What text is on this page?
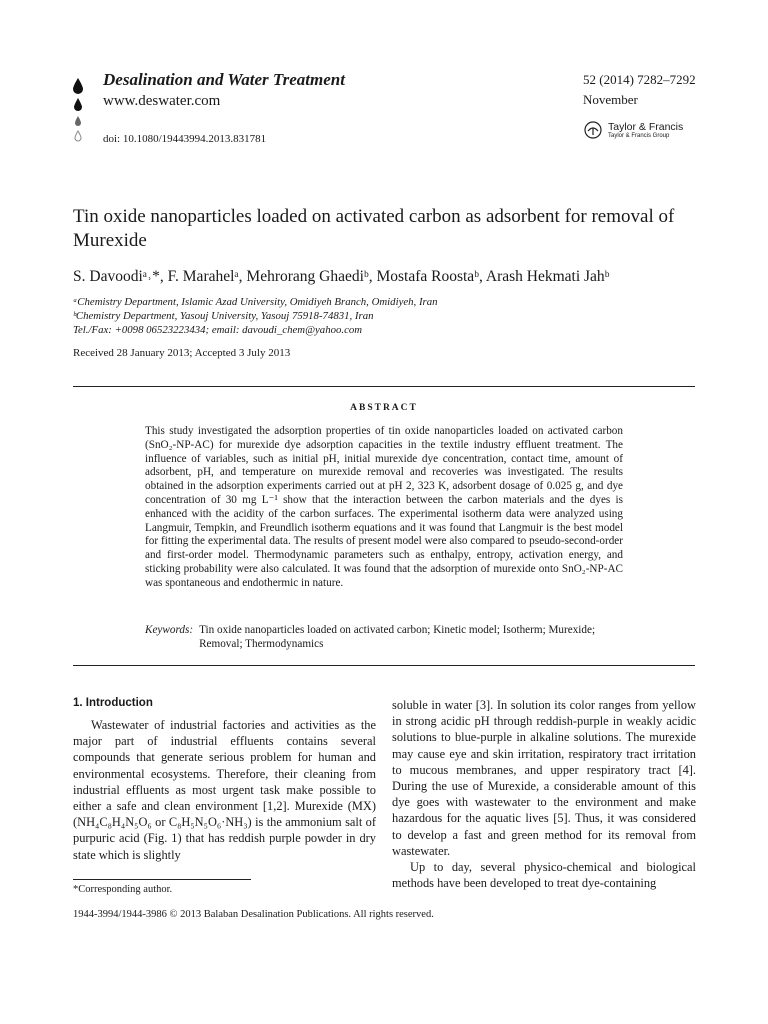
Desalination and Water Treatment
www.deswater.com
doi: 10.1080/19443994.2013.831781
52 (2014) 7282–7292
November
Taylor & Francis
Taylor & Francis Group
Tin oxide nanoparticles loaded on activated carbon as adsorbent for removal of Murexide
S. Davoodiᵃ˒*, F. Marahelᵃ, Mehrorang Ghaediᵇ, Mostafa Roostaᵇ, Arash Hekmati Jahᵇ
ᵃChemistry Department, Islamic Azad University, Omidiyeh Branch, Omidiyeh, Iran
ᵇChemistry Department, Yasouj University, Yasouj 75918-74831, Iran
Tel./Fax: +0098 06523223434; email: davoudi_chem@yahoo.com
Received 28 January 2013; Accepted 3 July 2013
ABSTRACT
This study investigated the adsorption properties of tin oxide nanoparticles loaded on activated carbon (SnO₂-NP-AC) for murexide dye adsorption capacities in the textile industry effluent treatment. The influence of variables, such as initial pH, initial murexide dye concentration, contact time, amount of adsorbent, pH, and temperature on murexide removal and recoveries was investigated. The results obtained in the adsorption experiments carried out at pH 2, 323 K, adsorbent dosage of 0.025 g, and dye concentration of 30 mg L⁻¹ show that the interaction between the carbon materials and the dyes is enhanced with the acidity of the carbon surfaces. The experimental isotherm data were analyzed using Langmuir, Tempkin, and Freundlich isotherm equations and it was found that Langmuir is the best model for fitting the experimental data. The results of present model were also compared to pseudo-second-order and first-order model. Thermodynamic parameters such as enthalpy, entropy, activation energy, and sticking probability were also calculated. It was found that the adsorption of murexide onto SnO₂-NP-AC was spontaneous and endothermic in nature.
Keywords: Tin oxide nanoparticles loaded on activated carbon; Kinetic model; Isotherm; Murexide; Removal; Thermodynamics
1. Introduction

Wastewater of industrial factories and activities as the major part of industrial effluents contains several compounds that generate serious problem for human and environmental ecosystems. Therefore, their cleaning from industrial effluents as most urgent task make possible to either a safe and clean environment [1,2]. Murexide (MX) (NH₄C₈H₄N₅O₆ or C₈H₅N₅O₆·NH₃) is the ammonium salt of purpuric acid (Fig. 1) that has reddish purple powder in dry state which is slightly

soluble in water [3]. In solution its color ranges from yellow in strong acidic pH through reddish-purple in weakly acidic solutions to blue-purple in alkaline solutions. The murexide may cause eye and skin irritation, respiratory tract irritation to mucous membranes, and upper respiratory tract [4]. During the use of Murexide, a considerable amount of this dye goes with wastewater to the environment and make hazardous for the aquatic lives [5]. Thus, it was considered to develop a fast and green method for its removal from wastewater.

Up to day, several physico-chemical and biological methods have been developed to treat dye-containing

*Corresponding author.
1944-3994/1944-3986 © 2013 Balaban Desalination Publications. All rights reserved.
